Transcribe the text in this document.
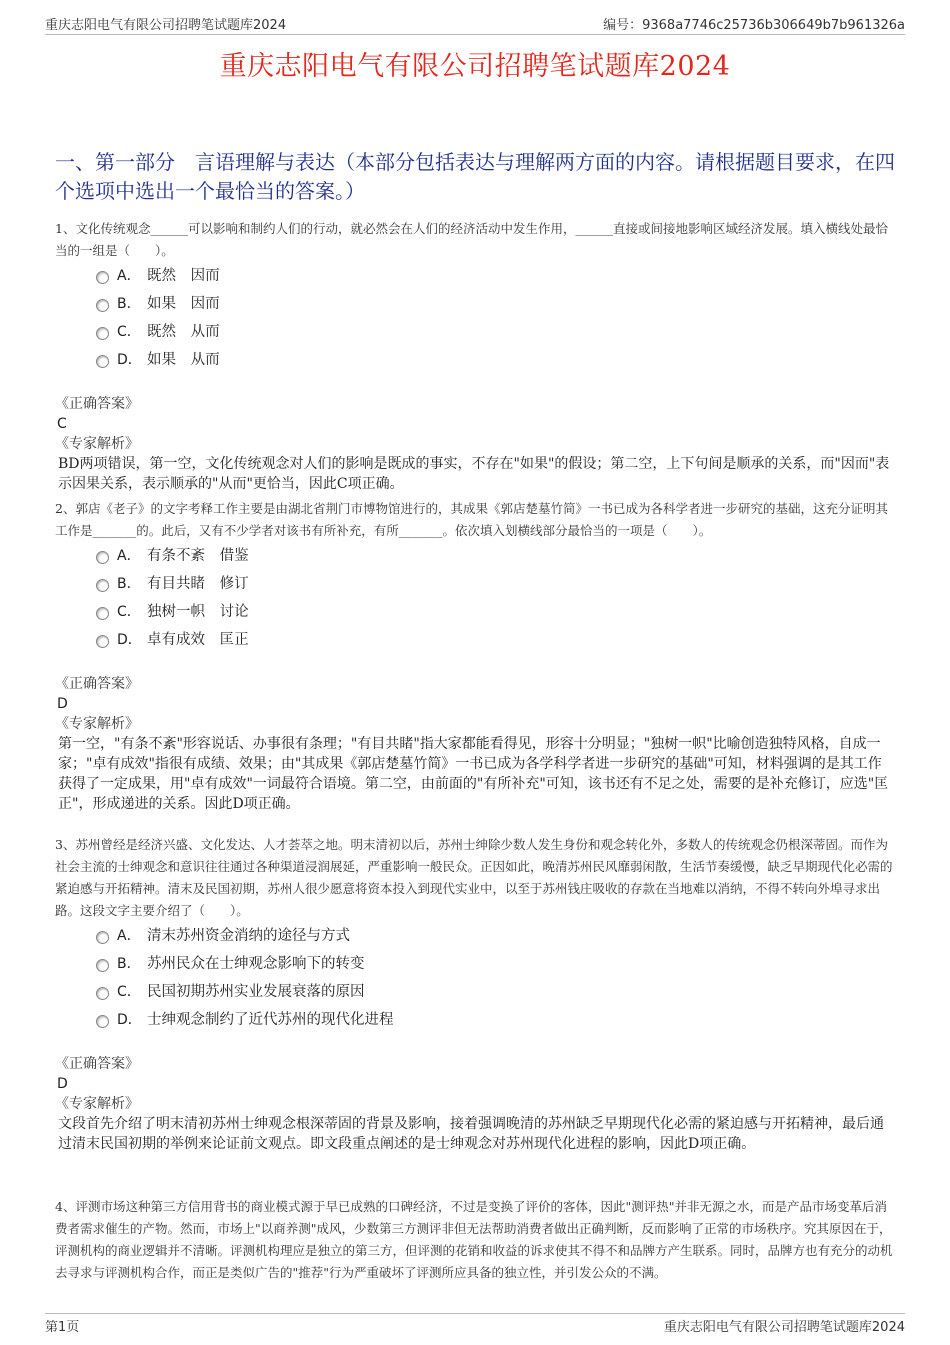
重庆志阳电气有限公司招聘笔试题库2024	编号：9368a7746c25736b306649b7b961326a
重庆志阳电气有限公司招聘笔试题库2024
一、第一部分　言语理解与表达（本部分包括表达与理解两方面的内容。请根据题目要求，在四个选项中选出一个最恰当的答案。）
1、文化传统观念______可以影响和制约人们的行动，就必然会在人们的经济活动中发生作用，______直接或间接地影响区域经济发展。填入横线处最恰当的一组是（　　）。
A． 既然 因而
B． 如果 因而
C． 既然 从而
D． 如果 从而
《正确答案》
C
《专家解析》
BD两项错误，第一空，文化传统观念对人们的影响是既成的事实，不存在"如果"的假设；第二空，上下句间是顺承的关系，而"因而"表示因果关系，表示顺承的"从而"更恰当，因此C项正确。
2、郭店《老子》的文字考释工作主要是由湖北省荆门市博物馆进行的，其成果《郭店楚墓竹简》一书已成为各科学者进一步研究的基础，这充分证明其工作是_______的。此后，又有不少学者对该书有所补充，有所_______。依次填入划横线部分最恰当的一项是（　　）。
A． 有条不紊 借鉴
B． 有目共睹 修订
C． 独树一帜 讨论
D． 卓有成效 匡正
《正确答案》
D
《专家解析》
第一空，"有条不紊"形容说话、办事很有条理；"有目共睹"指大家都能看得见，形容十分明显；"独树一帜"比喻创造独特风格，自成一家；"卓有成效"指很有成绩、效果；由"其成果《郭店楚墓竹简》一书已成为各学科学者进一步研究的基础"可知，材料强调的是其工作获得了一定成果，用"卓有成效"一词最符合语境。第二空，由前面的"有所补充"可知，该书还有不足之处，需要的是补充修订，应选"匡正"，形成递进的关系。因此D项正确。
3、苏州曾经是经济兴盛、文化发达、人才荟萃之地。明末清初以后，苏州士绅除少数人发生身份和观念转化外，多数人的传统观念仍根深蒂固。而作为社会主流的士绅观念和意识往往通过各种渠道浸润展延，严重影响一般民众。正因如此，晚清苏州民风靡弱闲散，生活节奏缓慢，缺乏早期现代化必需的紧迫感与开拓精神。清末及民国初期，苏州人很少愿意将资本投入到现代实业中，以至于苏州钱庄吸收的存款在当地难以消纳，不得不转向外埠寻求出路。这段文字主要介绍了（　　）。
A． 清末苏州资金消纳的途径与方式
B． 苏州民众在士绅观念影响下的转变
C． 民国初期苏州实业发展衰落的原因
D． 士绅观念制约了近代苏州的现代化进程
《正确答案》
D
《专家解析》
文段首先介绍了明末清初苏州士绅观念根深蒂固的背景及影响，接着强调晚清的苏州缺乏早期现代化必需的紧迫感与开拓精神，最后通过清末民国初期的举例来论证前文观点。即文段重点阐述的是士绅观念对苏州现代化进程的影响，因此D项正确。
4、评测市场这种第三方信用背书的商业模式源于早已成熟的口碑经济，不过是变换了评价的客体，因此"测评热"并非无源之水，而是产品市场变革后消费者需求催生的产物。然而，市场上"以商养测"成风，少数第三方测评非但无法帮助消费者做出正确判断，反而影响了正常的市场秩序。究其原因在于，评测机构的商业逻辑并不清晰。评测机构理应是独立的第三方，但评测的花销和收益的诉求使其不得不和品牌方产生联系。同时，品牌方也有充分的动机去寻求与评测机构合作，而正是类似广告的"推荐"行为严重破坏了评测所应具备的独立性，并引发公众的不满。
第1页	重庆志阳电气有限公司招聘笔试题库2024
